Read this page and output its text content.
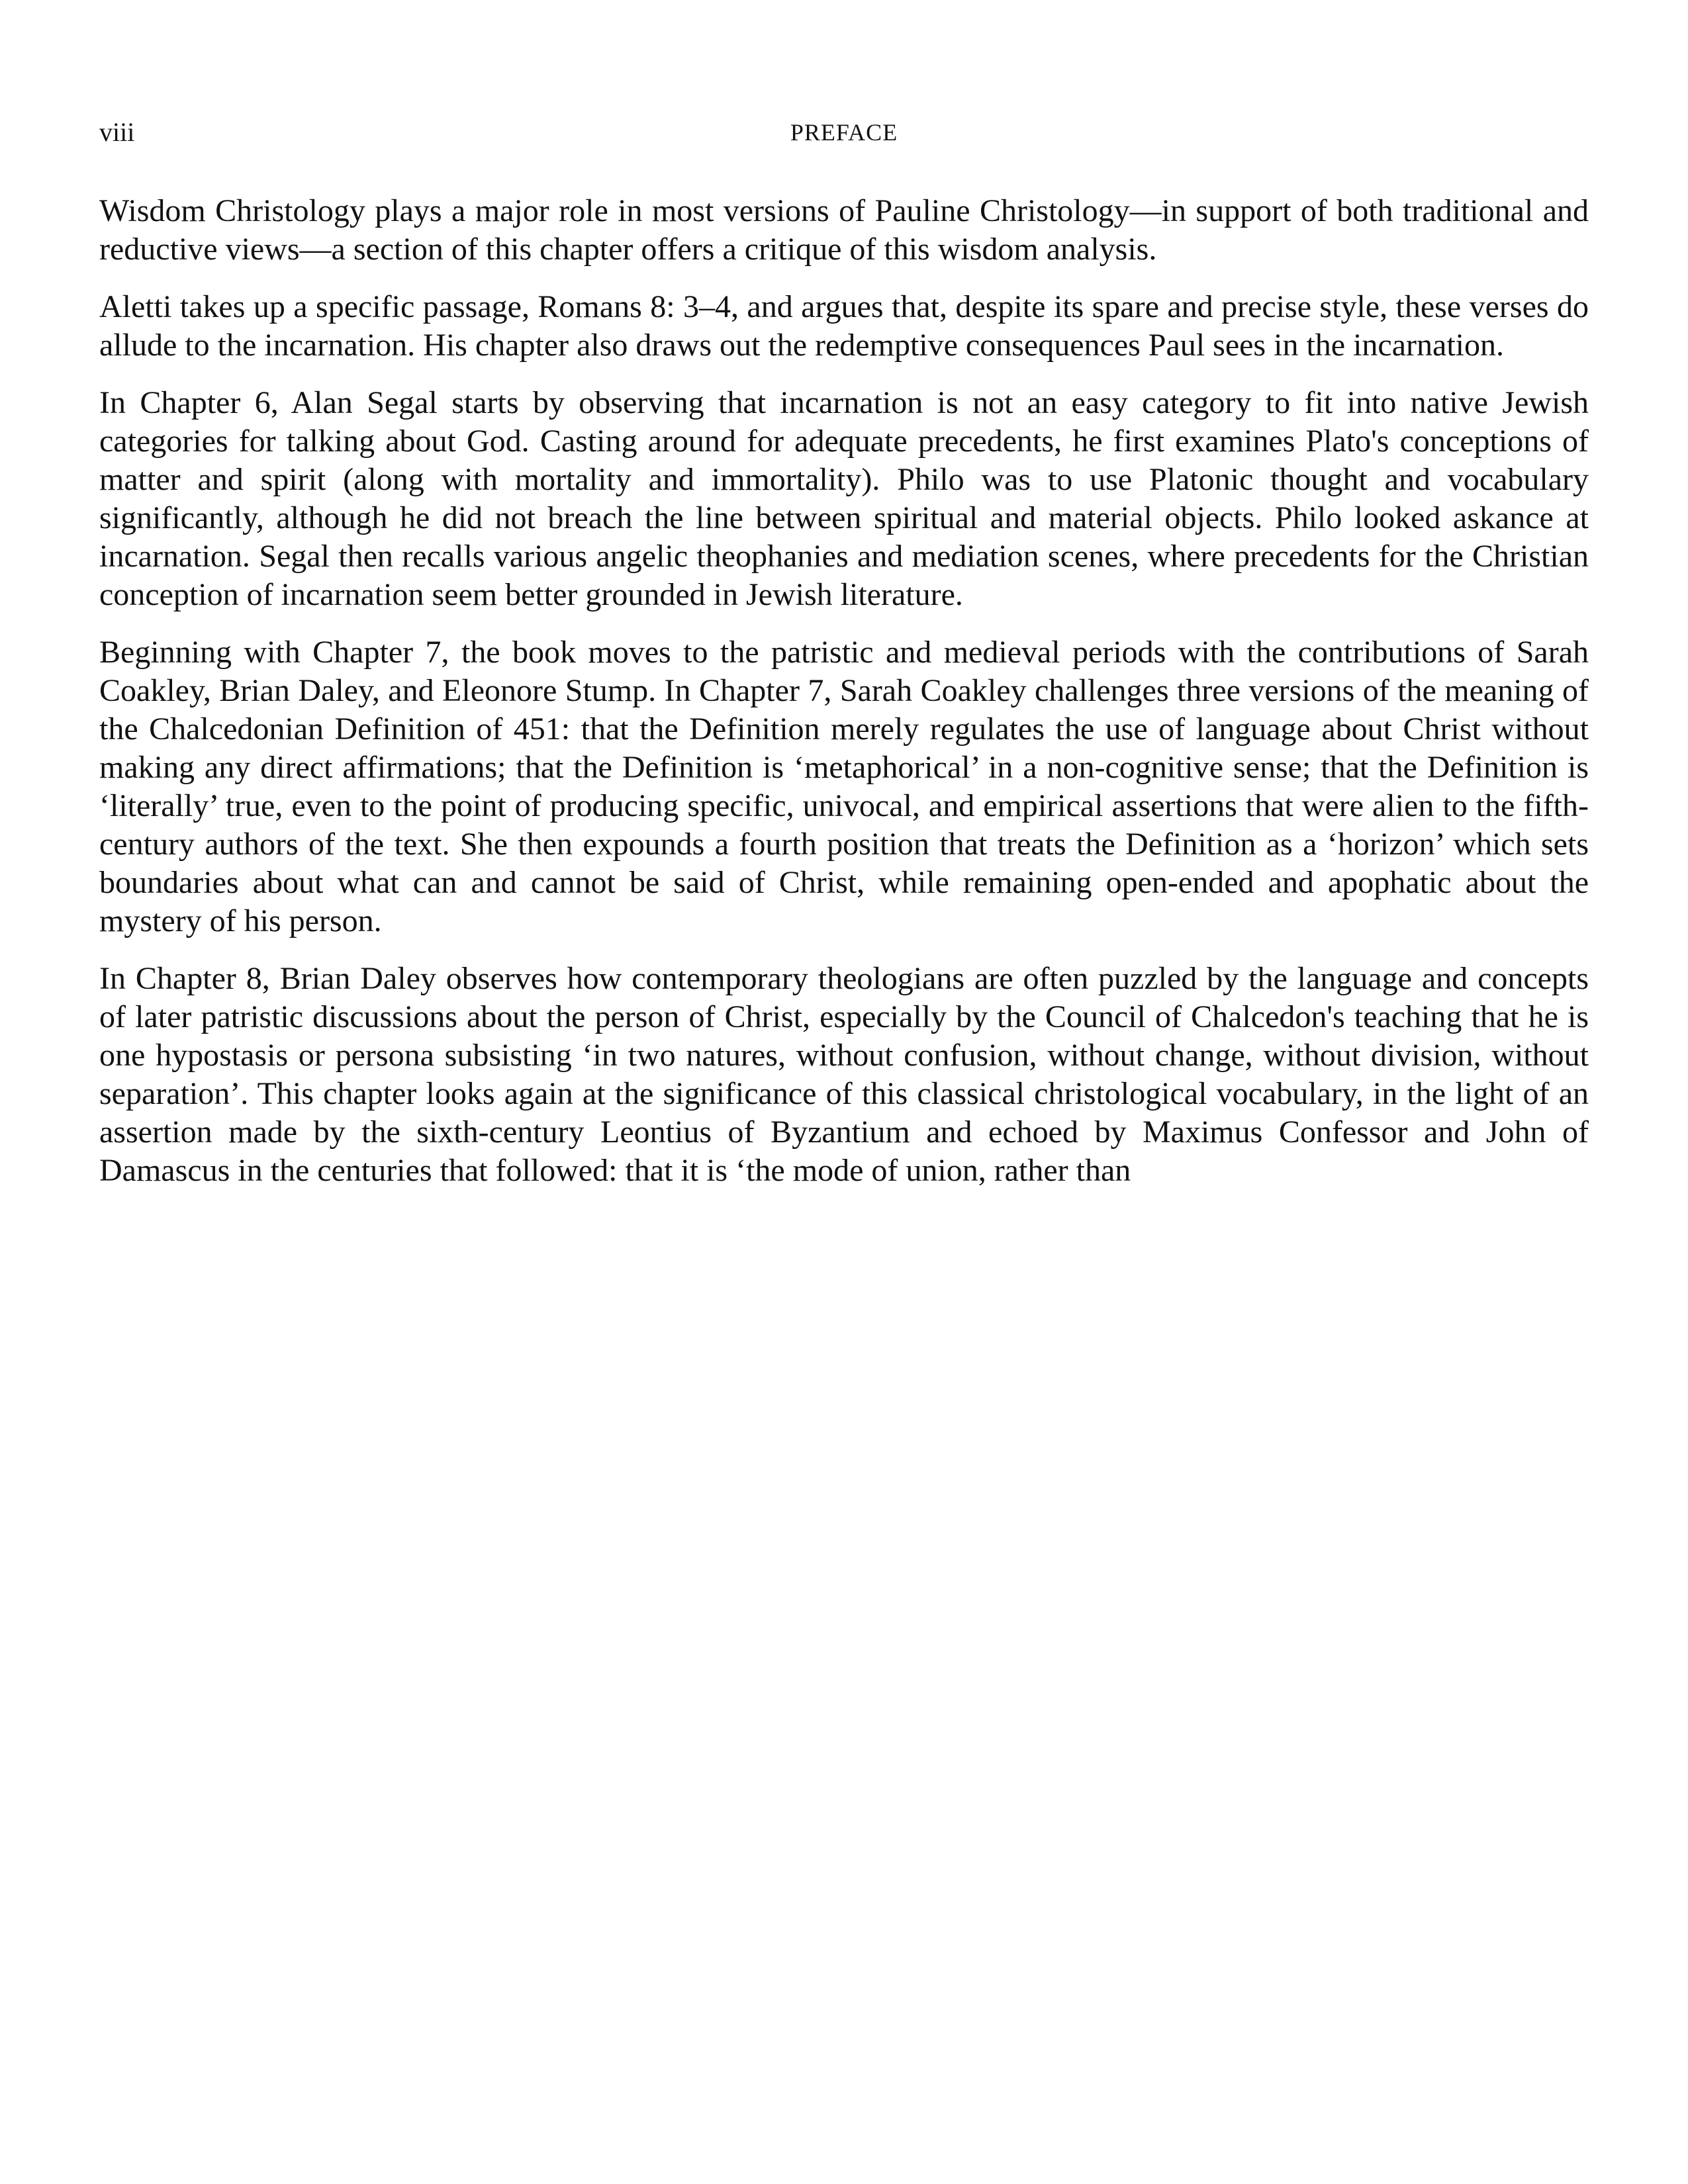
viii	PREFACE

Wisdom Christology plays a major role in most versions of Pauline Christology—in support of both traditional and reductive views—a section of this chapter offers a critique of this wisdom analysis.

Aletti takes up a specific passage, Romans 8: 3–4, and argues that, despite its spare and precise style, these verses do allude to the incarnation. His chapter also draws out the redemptive consequences Paul sees in the incarnation.

In Chapter 6, Alan Segal starts by observing that incarnation is not an easy category to fit into native Jewish categories for talking about God. Casting around for adequate precedents, he first examines Plato's conceptions of matter and spirit (along with mortality and immortality). Philo was to use Platonic thought and vocabulary significantly, although he did not breach the line between spiritual and material objects. Philo looked askance at incarnation. Segal then recalls various angelic theophanies and mediation scenes, where precedents for the Christian conception of incarnation seem better grounded in Jewish literature.

Beginning with Chapter 7, the book moves to the patristic and medieval periods with the contributions of Sarah Coakley, Brian Daley, and Eleonore Stump. In Chapter 7, Sarah Coakley challenges three versions of the meaning of the Chalcedonian Definition of 451: that the Definition merely regulates the use of language about Christ without making any direct affirmations; that the Definition is ‘metaphorical’ in a non-cognitive sense; that the Definition is ‘literally’ true, even to the point of producing specific, univocal, and empirical assertions that were alien to the fifth-century authors of the text. She then expounds a fourth position that treats the Definition as a ‘horizon’ which sets boundaries about what can and cannot be said of Christ, while remaining open-ended and apophatic about the mystery of his person.

In Chapter 8, Brian Daley observes how contemporary theologians are often puzzled by the language and concepts of later patristic discussions about the person of Christ, especially by the Council of Chalcedon's teaching that he is one hypostasis or persona subsisting ‘in two natures, without confusion, without change, without division, without separation’. This chapter looks again at the significance of this classical christological vocabulary, in the light of an assertion made by the sixth-century Leontius of Byzantium and echoed by Maximus Confessor and John of Damascus in the centuries that followed: that it is ‘the mode of union, rather than
